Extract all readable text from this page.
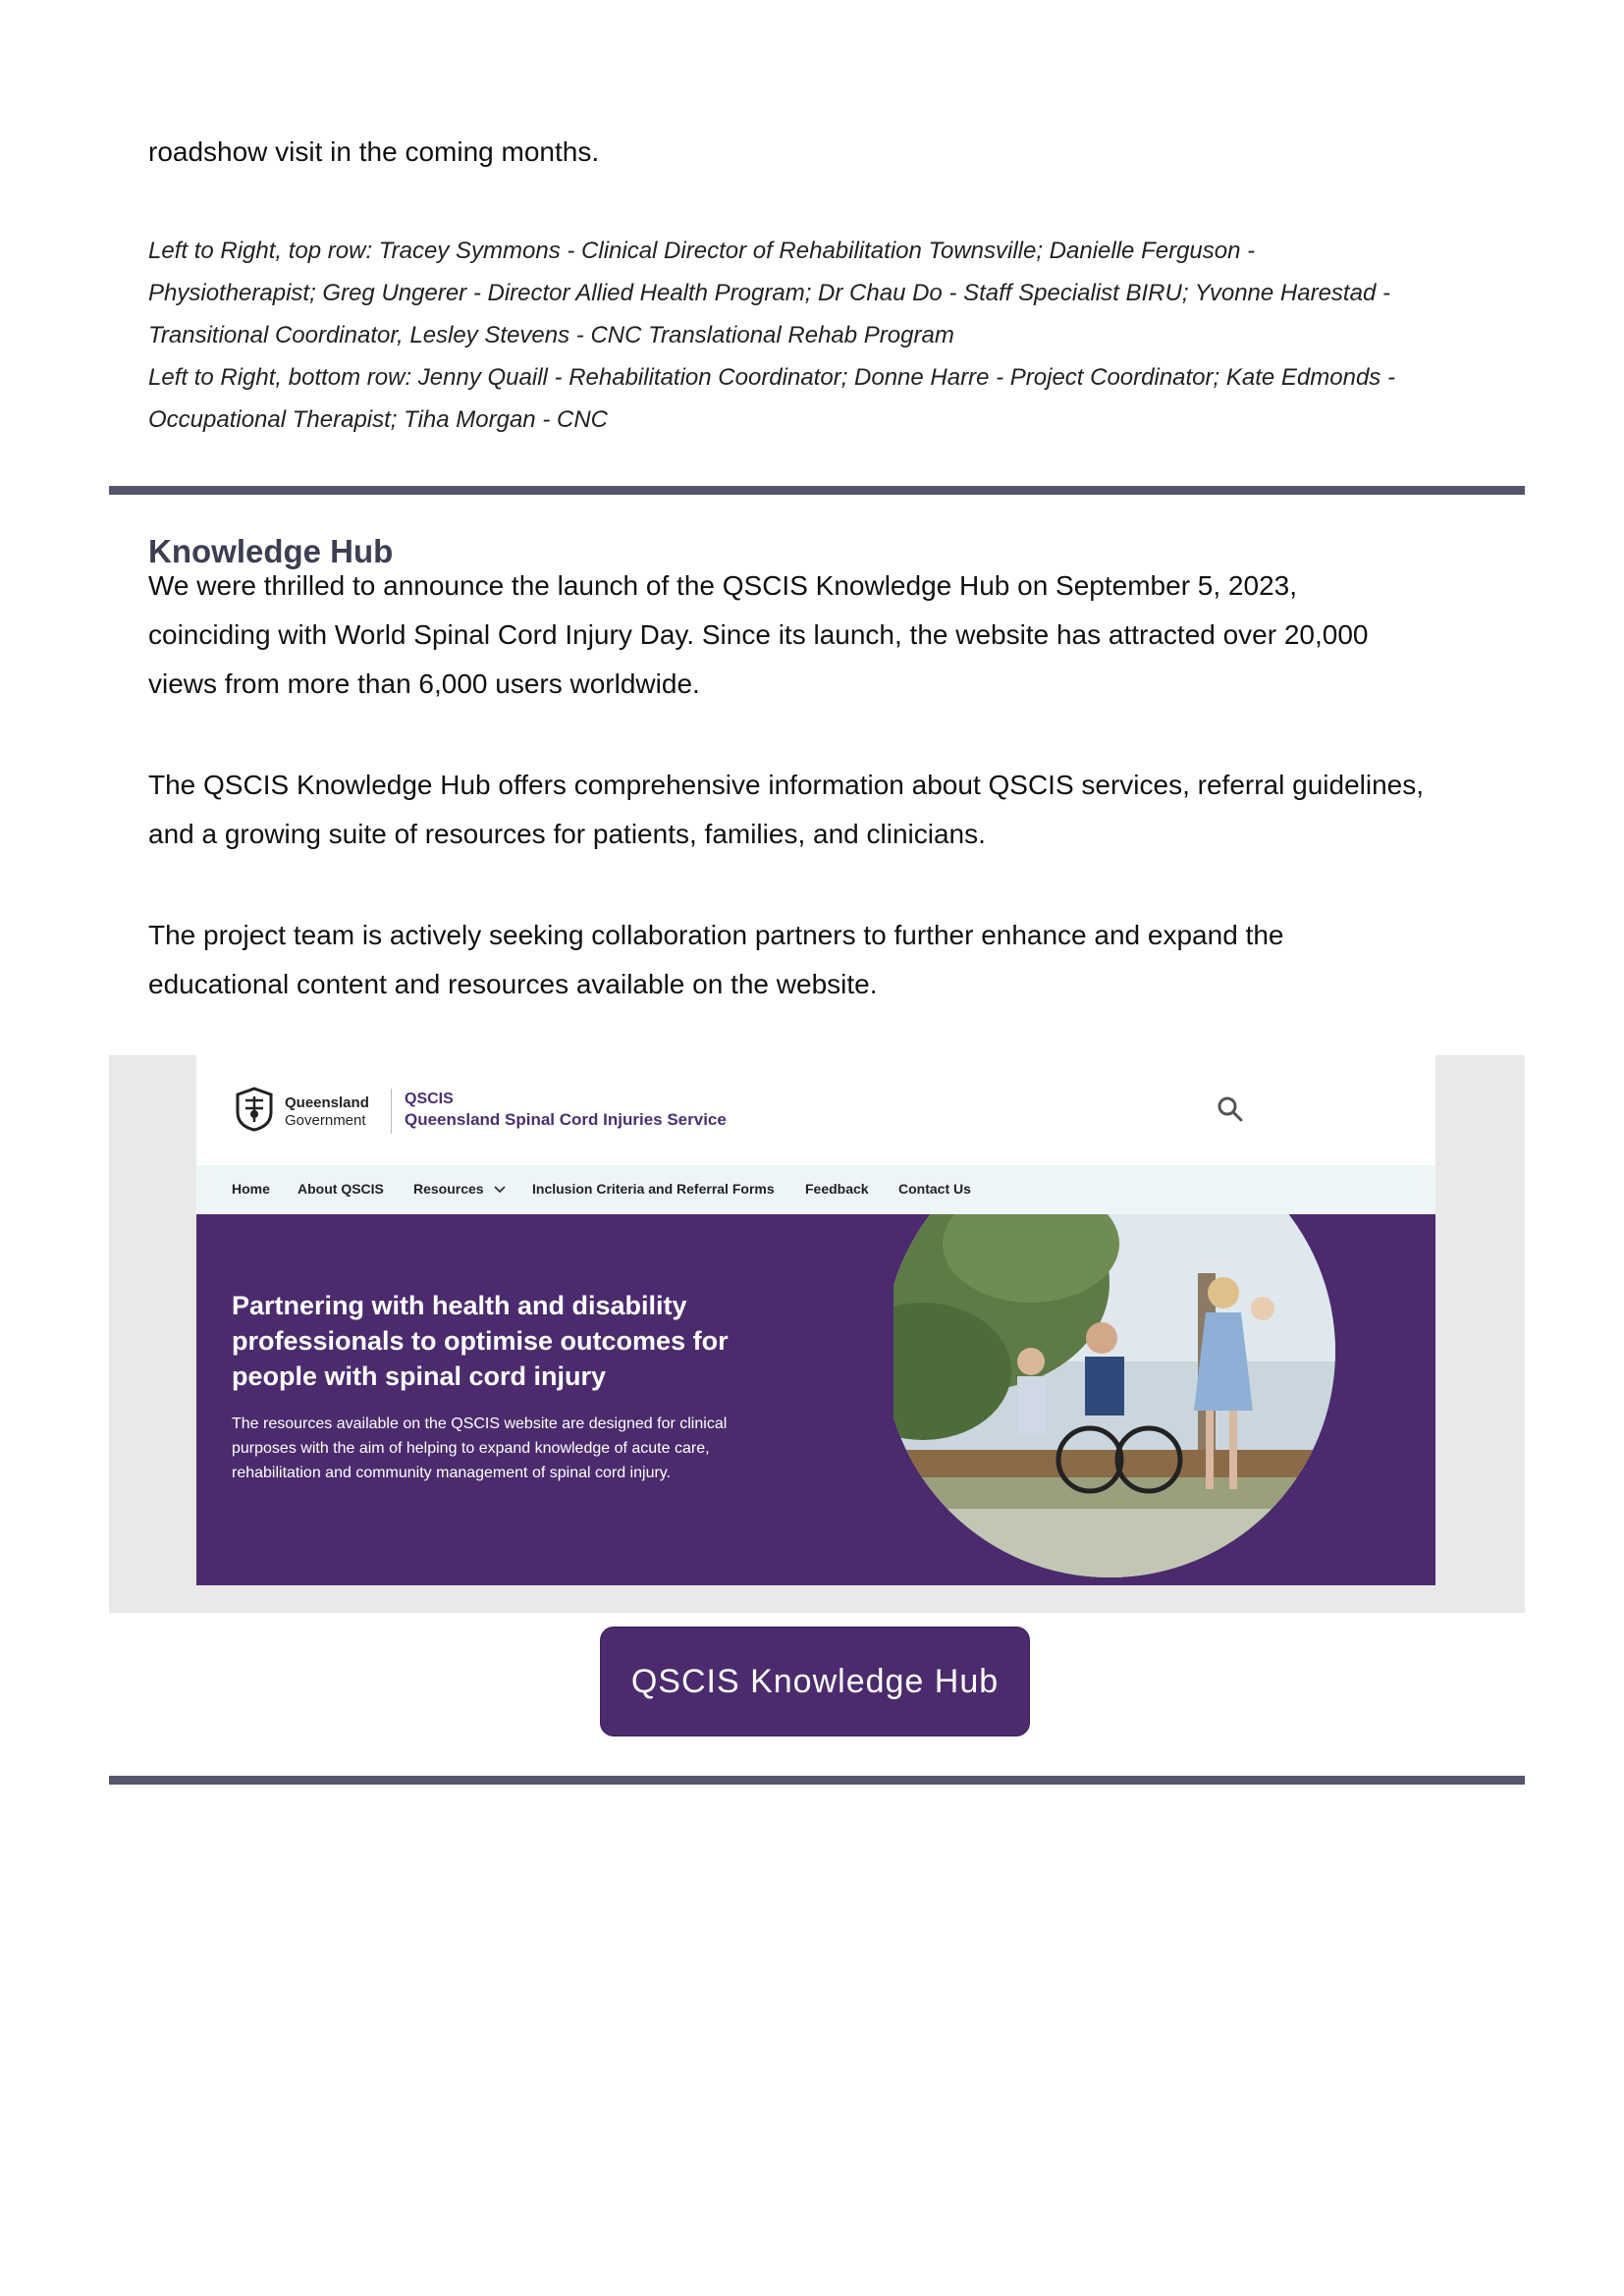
roadshow visit in the coming months.
Left to Right, top row: Tracey Symmons - Clinical Director of Rehabilitation Townsville; Danielle Ferguson -
Physiotherapist; Greg Ungerer - Director Allied Health Program; Dr Chau Do - Staff Specialist BIRU; Yvonne Harestad -
Transitional Coordinator, Lesley Stevens - CNC Translational Rehab Program
Left to Right, bottom row: Jenny Quaill - Rehabilitation Coordinator; Donne Harre - Project Coordinator; Kate Edmonds -
Occupational Therapist; Tiha Morgan - CNC
Knowledge Hub
We were thrilled to announce the launch of the QSCIS Knowledge Hub on September 5, 2023,
coinciding with World Spinal Cord Injury Day. Since its launch, the website has attracted over 20,000
views from more than 6,000 users worldwide.
The QSCIS Knowledge Hub offers comprehensive information about QSCIS services, referral guidelines,
and a growing suite of resources for patients, families, and clinicians.
The project team is actively seeking collaboration partners to further enhance and expand the
educational content and resources available on the website.
Queensland
Government
QSCIS
Queensland Spinal Cord Injuries Service
Home About QSCIS Resources	Inclusion Criteria and Referral Forms Feedback Contact Us
Partnering with health and disability professionals to optimise outcomes for people with spinal cord injury
The resources available on the QSCIS website are designed for clinical purposes with the aim of helping to expand knowledge of acute care, rehabilitation and community management of spinal cord injury.
QSCIS Knowledge Hub
